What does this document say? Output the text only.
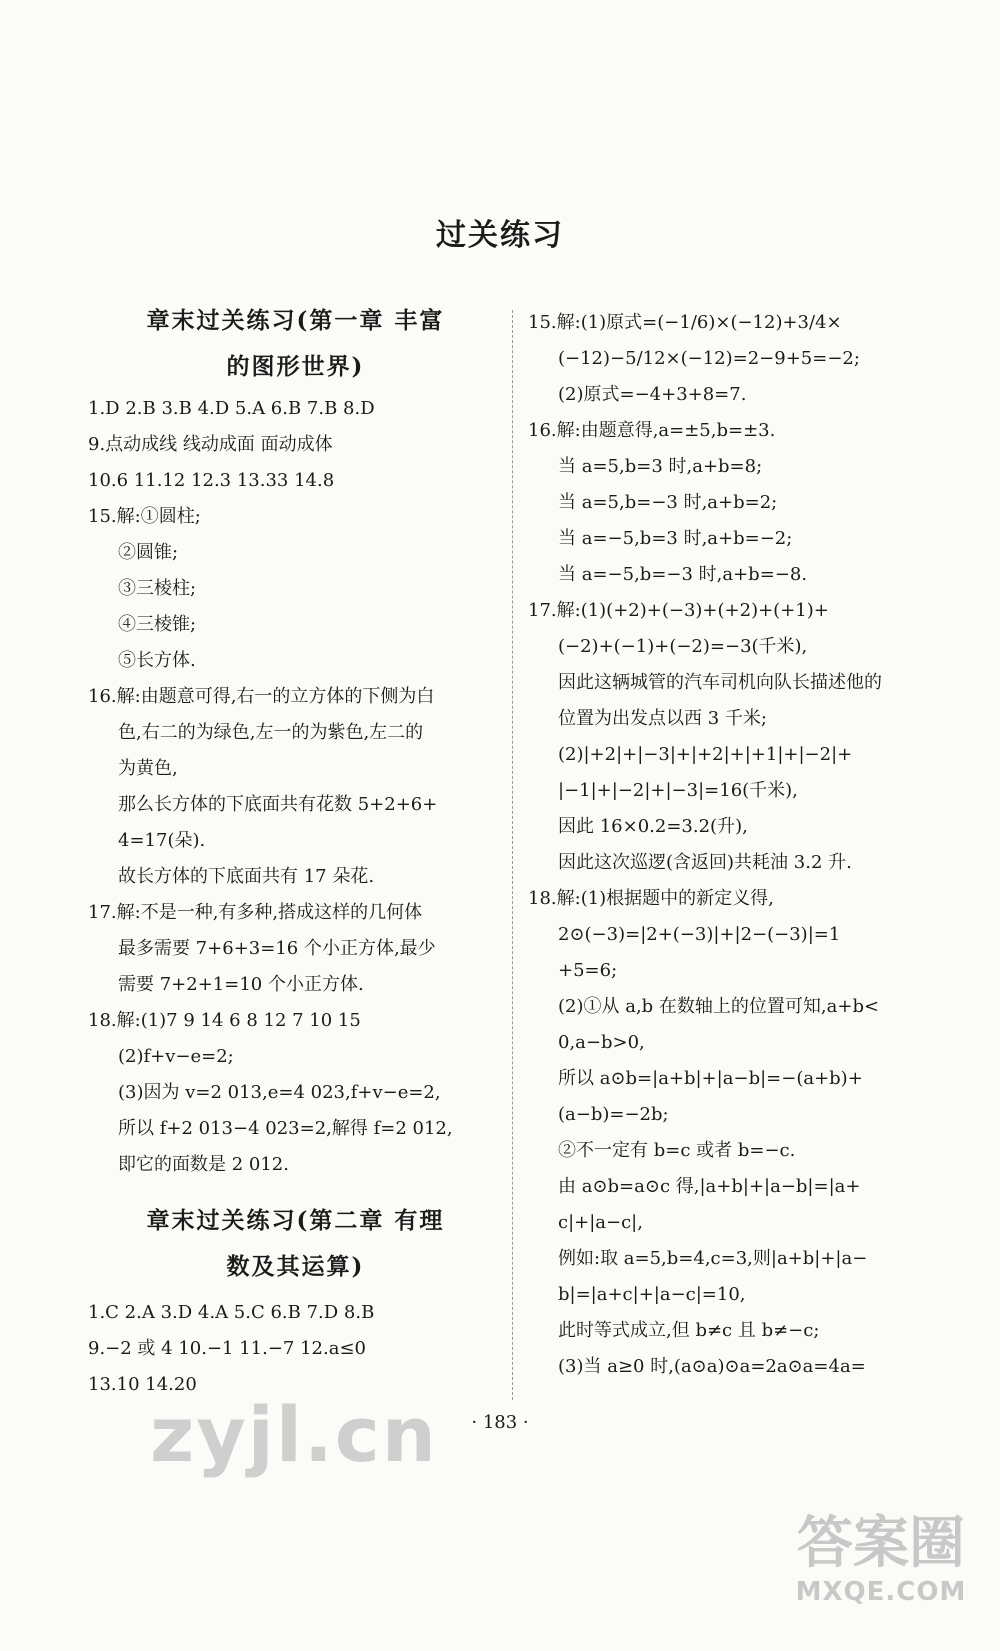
过关练习
章末过关练习(第一章 丰富
的图形世界)
1.D 2.B 3.B 4.D 5.A 6.B 7.B 8.D
9.点动成线 线动成面 面动成体
10.6 11.12 12.3 13.33 14.8
15.解:①圆柱;
②圆锥;
③三棱柱;
④三棱锥;
⑤长方体.
16.解:由题意可得,右一的立方体的下侧为白
色,右二的为绿色,左一的为紫色,左二的
为黄色,
那么长方体的下底面共有花数 5+2+6+
4=17(朵).
故长方体的下底面共有 17 朵花.
17.解:不是一种,有多种,搭成这样的几何体
最多需要 7+6+3=16 个小正方体,最少
需要 7+2+1=10 个小正方体.
18.解:(1)7 9 14 6 8 12 7 10 15
(2)f+v−e=2;
(3)因为 v=2 013,e=4 023,f+v−e=2,
所以 f+2 013−4 023=2,解得 f=2 012,
即它的面数是 2 012.
章末过关练习(第二章 有理
数及其运算)
1.C 2.A 3.D 4.A 5.C 6.B 7.D 8.B
9.−2 或 4 10.−1 11.−7 12.a≤0
13.10 14.20
15.解:(1)原式=(−1/6)×(−12)+3/4×
(−12)−5/12×(−12)=2−9+5=−2;
(2)原式=−4+3+8=7.
16.解:由题意得,a=±5,b=±3.
当 a=5,b=3 时,a+b=8;
当 a=5,b=−3 时,a+b=2;
当 a=−5,b=3 时,a+b=−2;
当 a=−5,b=−3 时,a+b=−8.
17.解:(1)(+2)+(−3)+(+2)+(+1)+
(−2)+(−1)+(−2)=−3(千米),
因此这辆城管的汽车司机向队长描述他的
位置为出发点以西 3 千米;
(2)|+2|+|−3|+|+2|+|+1|+|−2|+
|−1|+|−2|+|−3|=16(千米),
因此 16×0.2=3.2(升),
因此这次巡逻(含返回)共耗油 3.2 升.
18.解:(1)根据题中的新定义得,
2⊙(−3)=|2+(−3)|+|2−(−3)|=1
+5=6;
(2)①从 a,b 在数轴上的位置可知,a+b<
0,a−b>0,
所以 a⊙b=|a+b|+|a−b|=−(a+b)+
(a−b)=−2b;
②不一定有 b=c 或者 b=−c.
由 a⊙b=a⊙c 得,|a+b|+|a−b|=|a+
c|+|a−c|,
例如:取 a=5,b=4,c=3,则|a+b|+|a−
b|=|a+c|+|a−c|=10,
此时等式成立,但 b≠c 且 b≠−c;
(3)当 a≥0 时,(a⊙a)⊙a=2a⊙a=4a=
zyjl.cn	· 183 ·
答案圈
MXQE.COM
